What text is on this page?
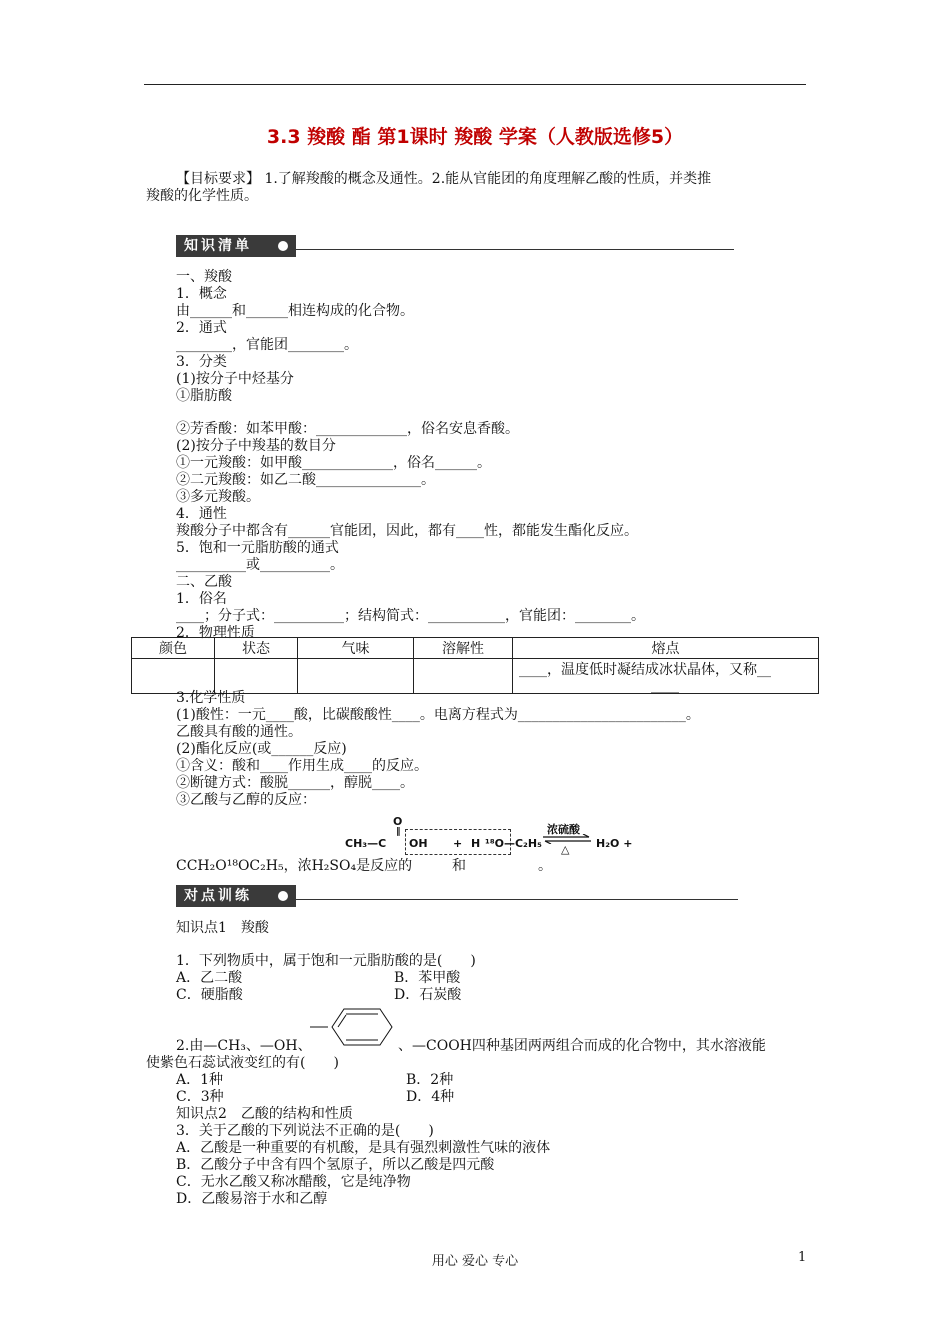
3.3 羧酸 酯 第1课时 羧酸 学案（人教版选修5）
【目标要求】 1.了解羧酸的概念及通性。2.能从官能团的角度理解乙酸的性质，并类推
羧酸的化学性质。
知识清单
一、羧酸
1．概念
由______和______相连构成的化合物。
2．通式
________，官能团________。
3．分类
(1)按分子中烃基分
①脂肪酸
②芳香酸：如苯甲酸：_____________，俗名安息香酸。
(2)按分子中羧基的数目分
①一元羧酸：如甲酸_____________，俗名______。
②二元羧酸：如乙二酸_______________。
③多元羧酸。
4．通性
羧酸分子中都含有______官能团，因此，都有____性，都能发生酯化反应。
5．饱和一元脂肪酸的通式
__________或__________。
二、乙酸
1．俗名
____；分子式：__________；结构简式：___________，官能团：________。
2．物理性质
颜色	状态	气味	溶解性	熔点

				____，温度低时凝结成冰状晶体，又称__
____
3.化学性质
(1)酸性：一元____酸，比碳酸酸性____。电离方程式为________________________。
乙酸具有酸的通性。
(2)酯化反应(或______反应)
①含义：酸和____作用生成____的反应。
②断键方式：酸脱______，醇脱____。
③乙酸与乙醇的反应：
O
‖
CH₃—C OH + H ¹⁸O—C₂H₅
浓硫酸
△ H₂O +
CCH₂O¹⁸OC₂H₅，浓H₂SO₄是反应的	和	。
对点训练
知识点1　羧酸
1．下列物质中，属于饱和一元脂肪酸的是(　　)
A．乙二酸	B．苯甲酸
C．硬脂酸	D．石炭酸
2.由—CH₃、—OH、	、—COOH四种基团两两组合而成的化合物中，其水溶液能
使紫色石蕊试液变红的有(　　)
A．1种	B．2种
C．3种	D．4种
知识点2　乙酸的结构和性质
3．关于乙酸的下列说法不正确的是(　　)
A．乙酸是一种重要的有机酸，是具有强烈刺激性气味的液体
B．乙酸分子中含有四个氢原子，所以乙酸是四元酸
C．无水乙酸又称冰醋酸，它是纯净物
D．乙酸易溶于水和乙醇
用心 爱心 专心	1
